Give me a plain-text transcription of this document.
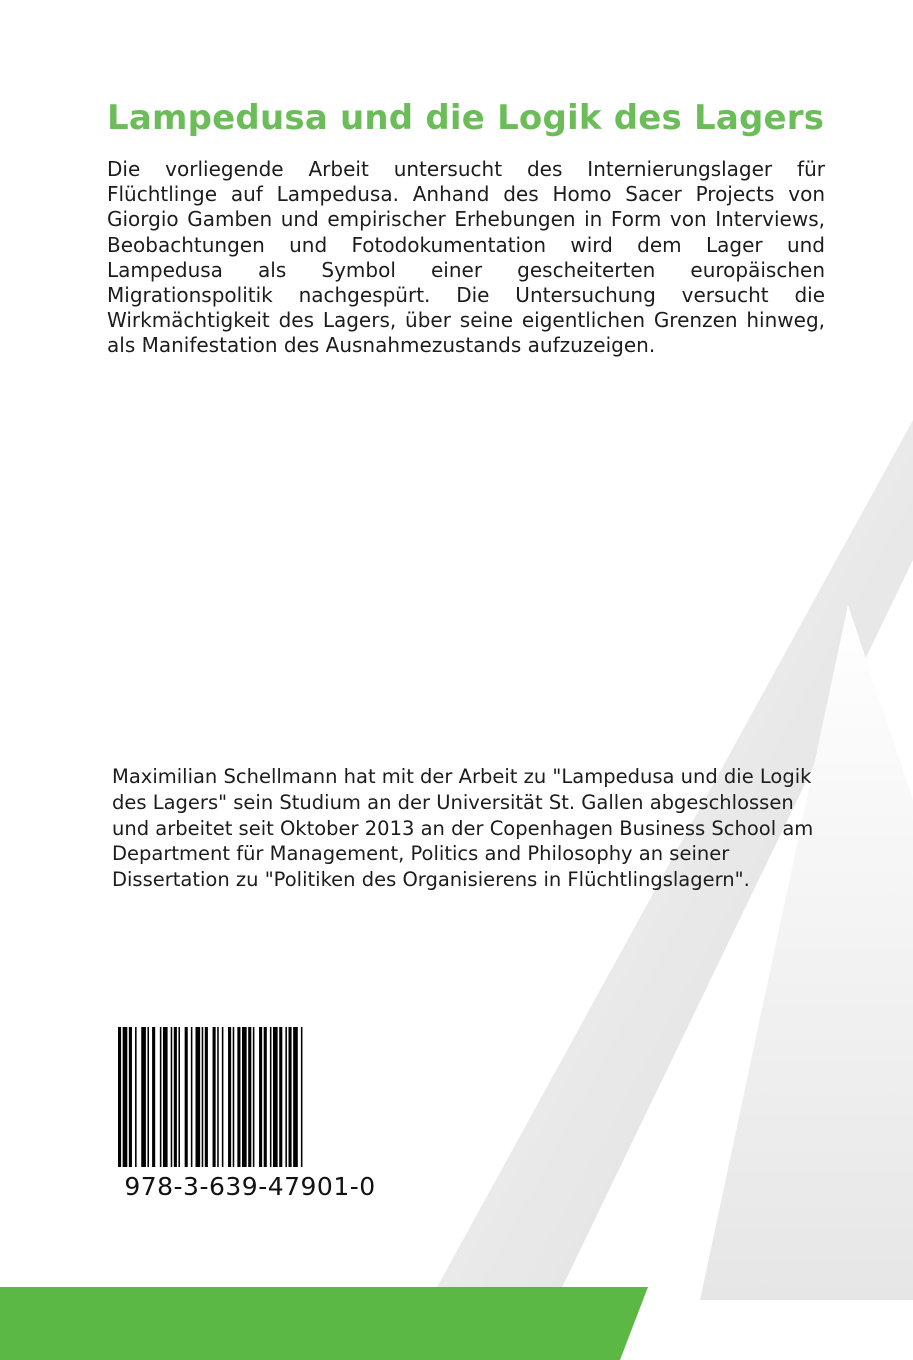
Lampedusa und die Logik des Lagers

Die vorliegende Arbeit untersucht des Internierungslager für Flüchtlinge auf Lampedusa. Anhand des Homo Sacer Projects von Giorgio Gamben und empirischer Erhebungen in Form von Interviews, Beobachtungen und Fotodokumentation wird dem Lager und Lampedusa als Symbol einer gescheiterten europäischen Migrationspolitik nachgespürt. Die Untersuchung versucht die Wirkmächtigkeit des Lagers, über seine eigentlichen Grenzen hinweg, als Manifestation des Ausnahmezustands aufzuzeigen.

Maximilian Schellmann hat mit der Arbeit zu "Lampedusa und die Logik des Lagers" sein Studium an der Universität St. Gallen abgeschlossen und arbeitet seit Oktober 2013 an der Copenhagen Business School am Department für Management, Politics and Philosophy an seiner Dissertation zu "Politiken des Organisierens in Flüchtlingslagern".

978-3-639-47901-0
